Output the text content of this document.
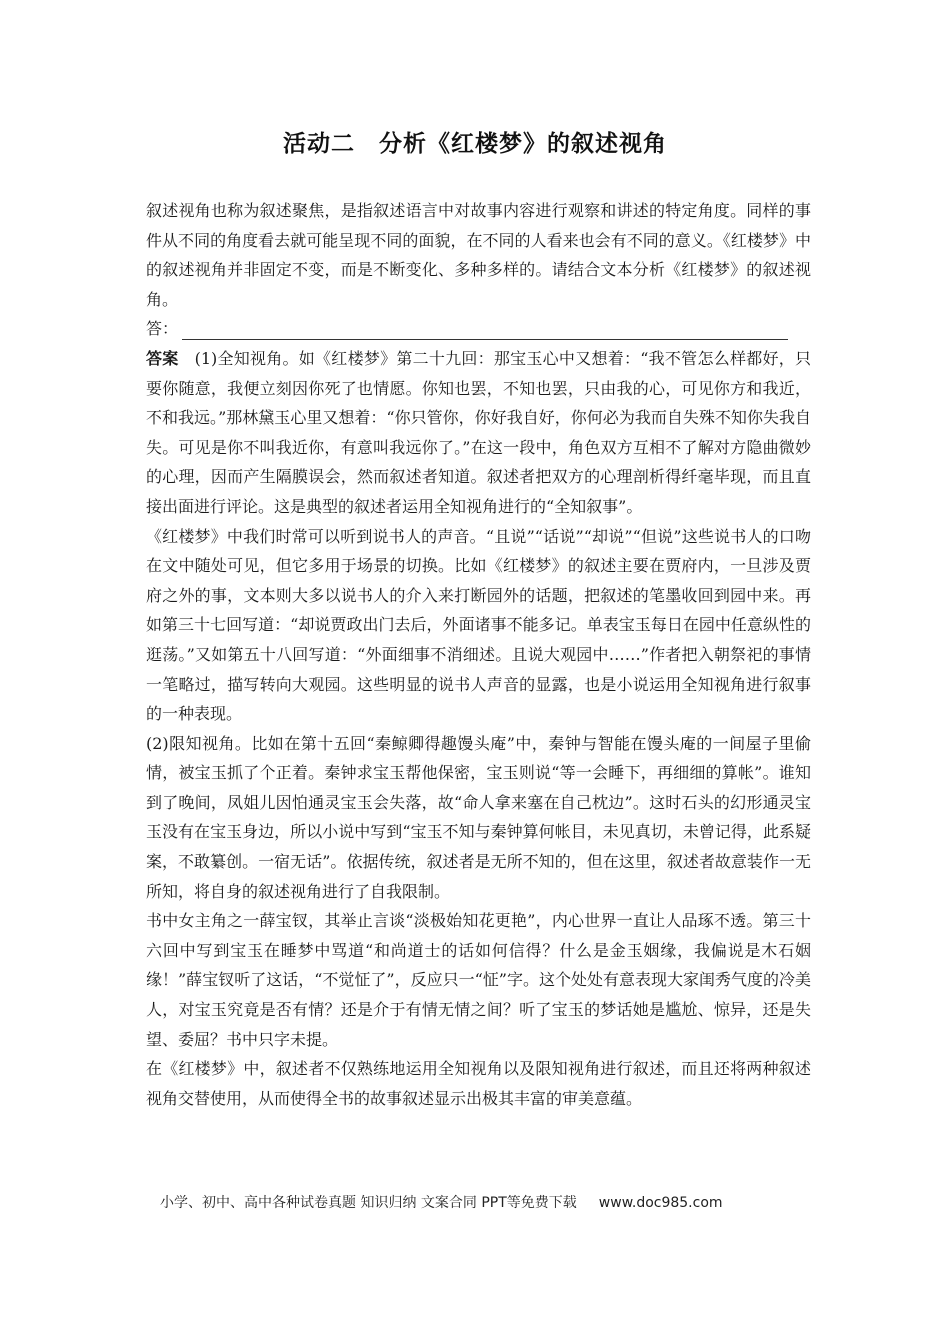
活动二　分析《红楼梦》的叙述视角

叙述视角也称为叙述聚焦，是指叙述语言中对故事内容进行观察和讲述的特定角度。同样的事件从不同的角度看去就可能呈现不同的面貌，在不同的人看来也会有不同的意义。《红楼梦》中的叙述视角并非固定不变，而是不断变化、多种多样的。请结合文本分析《红楼梦》的叙述视角。

答：

答案 (1)全知视角。如《红楼梦》第二十九回：那宝玉心中又想着：“我不管怎么样都好，只要你随意，我便立刻因你死了也情愿。你知也罢，不知也罢，只由我的心，可见你方和我近，不和我远。”那林黛玉心里又想着：“你只管你，你好我自好，你何必为我而自失殊不知你失我自失。可见是你不叫我近你，有意叫我远你了。”在这一段中，角色双方互相不了解对方隐曲微妙的心理，因而产生隔膜误会，然而叙述者知道。叙述者把双方的心理剖析得纤毫毕现，而且直接出面进行评论。这是典型的叙述者运用全知视角进行的“全知叙事”。

《红楼梦》中我们时常可以听到说书人的声音。“且说”“话说”“却说”“但说”这些说书人的口吻在文中随处可见，但它多用于场景的切换。比如《红楼梦》的叙述主要在贾府内，一旦涉及贾府之外的事，文本则大多以说书人的介入来打断园外的话题，把叙述的笔墨收回到园中来。再如第三十七回写道：“却说贾政出门去后，外面诸事不能多记。单表宝玉每日在园中任意纵性的逛荡。”又如第五十八回写道：“外面细事不消细述。且说大观园中……”作者把入朝祭祀的事情一笔略过，描写转向大观园。这些明显的说书人声音的显露，也是小说运用全知视角进行叙事的一种表现。

(2)限知视角。比如在第十五回“秦鲸卿得趣馒头庵”中，秦钟与智能在馒头庵的一间屋子里偷情，被宝玉抓了个正着。秦钟求宝玉帮他保密，宝玉则说“等一会睡下，再细细的算帐”。谁知到了晚间，凤姐儿因怕通灵宝玉会失落，故“命人拿来塞在自己枕边”。这时石头的幻形通灵宝玉没有在宝玉身边，所以小说中写到“宝玉不知与秦钟算何帐目，未见真切，未曾记得，此系疑案，不敢纂创。一宿无话”。依据传统，叙述者是无所不知的，但在这里，叙述者故意装作一无所知，将自身的叙述视角进行了自我限制。

书中女主角之一薛宝钗，其举止言谈“淡极始知花更艳”，内心世界一直让人品琢不透。第三十六回中写到宝玉在睡梦中骂道“和尚道士的话如何信得？什么是金玉姻缘，我偏说是木石姻缘！”薛宝钗听了这话，“不觉怔了”，反应只一“怔”字。这个处处有意表现大家闺秀气度的冷美人，对宝玉究竟是否有情？还是介于有情无情之间？听了宝玉的梦话她是尴尬、惊异，还是失望、委屈？书中只字未提。

在《红楼梦》中，叙述者不仅熟练地运用全知视角以及限知视角进行叙述，而且还将两种叙述视角交替使用，从而使得全书的故事叙述显示出极其丰富的审美意蕴。

小学、初中、高中各种试卷真题 知识归纳 文案合同 PPT等免费下载 www.doc985.com
